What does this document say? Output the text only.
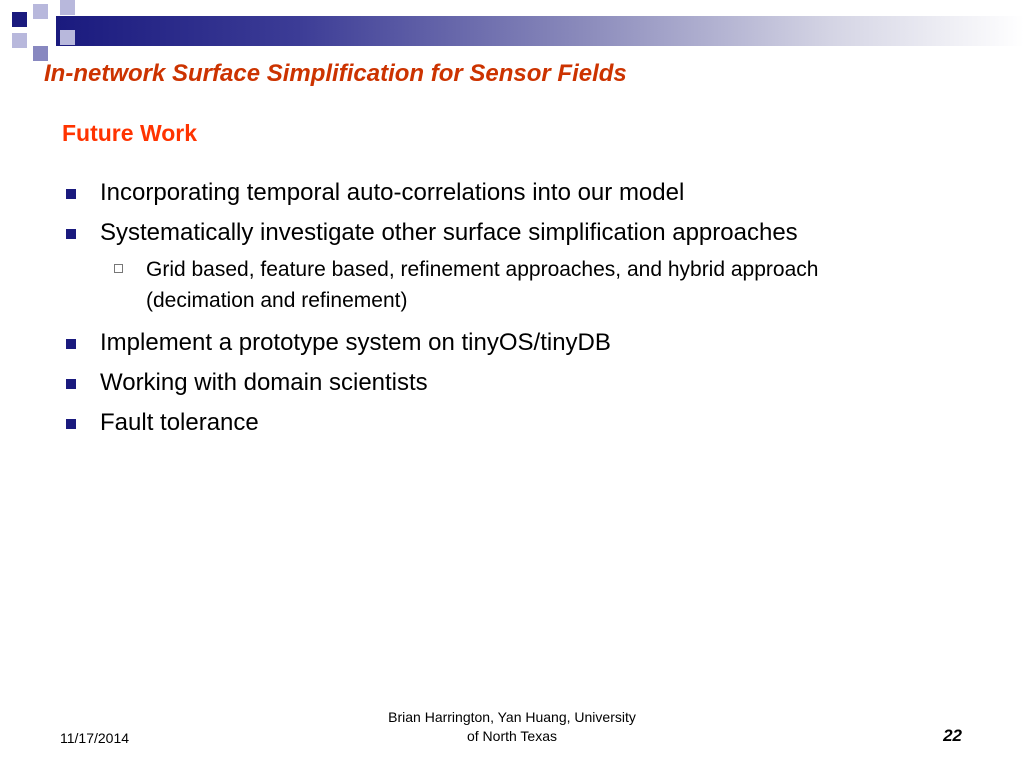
In-network Surface Simplification for Sensor Fields
Future Work
Incorporating temporal auto-correlations into our model
Systematically investigate other surface simplification approaches
Grid based, feature based, refinement approaches, and hybrid approach (decimation and refinement)
Implement a prototype system on tinyOS/tinyDB
Working with domain scientists
Fault tolerance
11/17/2014
Brian Harrington, Yan Huang, University
of North Texas	22
